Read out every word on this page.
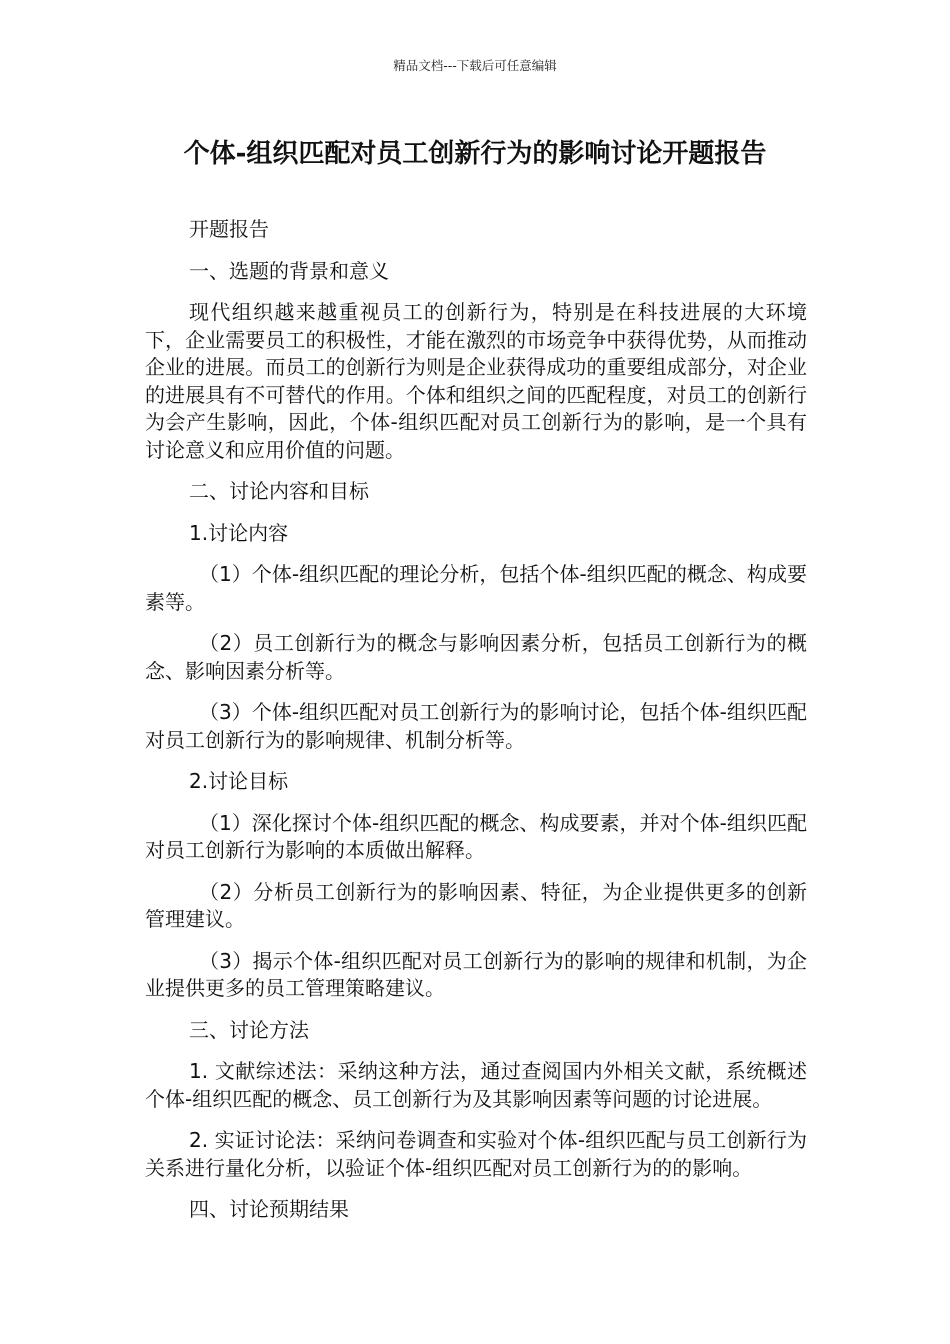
精品文档---下载后可任意编辑
个体-组织匹配对员工创新行为的影响讨论开题报告

开题报告

一、选题的背景和意义

现代组织越来越重视员工的创新行为，特别是在科技进展的大环境下，企业需要员工的积极性，才能在激烈的市场竞争中获得优势，从而推动企业的进展。而员工的创新行为则是企业获得成功的重要组成部分，对企业的进展具有不可替代的作用。个体和组织之间的匹配程度，对员工的创新行为会产生影响，因此，个体-组织匹配对员工创新行为的影响，是一个具有讨论意义和应用价值的问题。

二、讨论内容和目标

1.讨论内容

（1）个体-组织匹配的理论分析，包括个体-组织匹配的概念、构成要素等。

（2）员工创新行为的概念与影响因素分析，包括员工创新行为的概念、影响因素分析等。

（3）个体-组织匹配对员工创新行为的影响讨论，包括个体-组织匹配对员工创新行为的影响规律、机制分析等。

2.讨论目标

（1）深化探讨个体-组织匹配的概念、构成要素，并对个体-组织匹配对员工创新行为影响的本质做出解释。

（2）分析员工创新行为的影响因素、特征，为企业提供更多的创新管理建议。

（3）揭示个体-组织匹配对员工创新行为的影响的规律和机制，为企业提供更多的员工管理策略建议。

三、讨论方法

1. 文献综述法：采纳这种方法，通过查阅国内外相关文献，系统概述个体-组织匹配的概念、员工创新行为及其影响因素等问题的讨论进展。

2. 实证讨论法：采纳问卷调查和实验对个体-组织匹配与员工创新行为关系进行量化分析，以验证个体-组织匹配对员工创新行为的的影响。

四、讨论预期结果
